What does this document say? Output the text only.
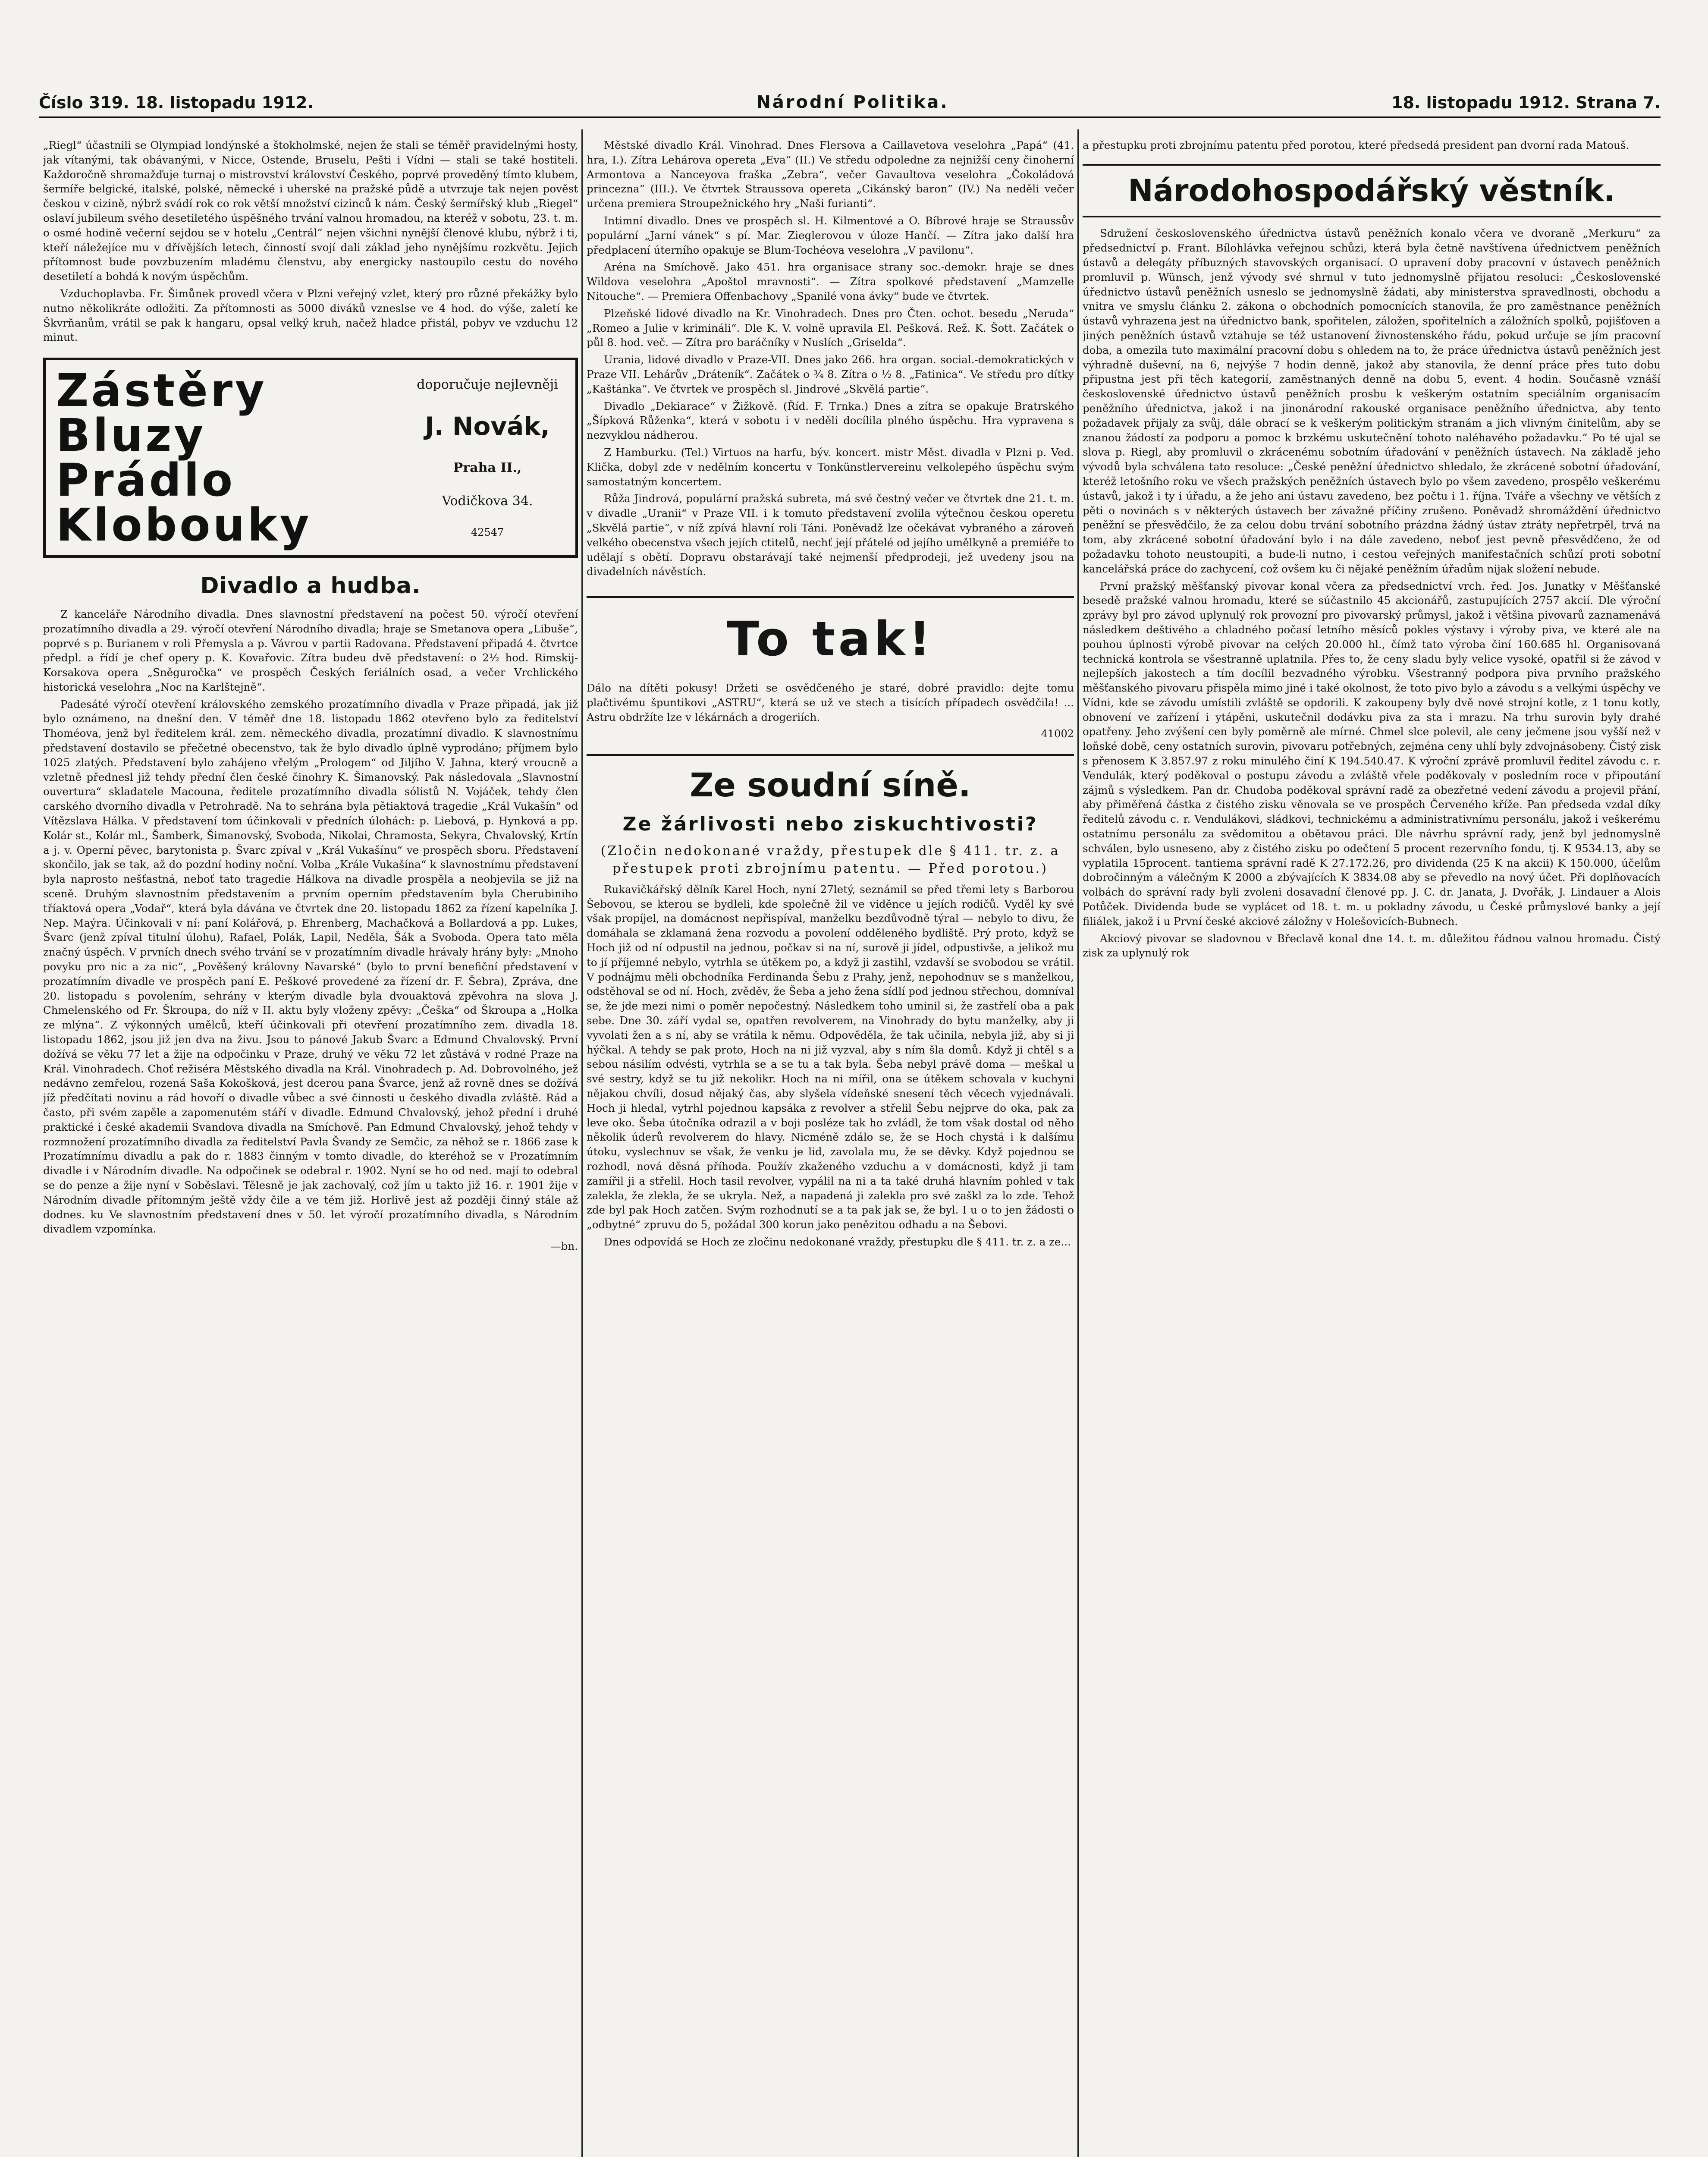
Číslo 319. 18. listopadu 1912.	Národní Politika.	18. listopadu 1912. Strana 7.

„Riegl“ účastnili se Olympiad londýnské a štokholmské, nejen že stali se téměř pravidelnými hosty, jak vítanými, tak obávanými, v Nicce, Ostende, Bruselu, Pešti i Vídni — stali se také hostiteli. Každoročně shromažďuje turnaj o mistrovství království Českého, poprvé proveděný tímto klubem, šermíře belgické, italské, polské, německé i uherské na pražské půdě a utvrzuje tak nejen pověst českou v cizině, nýbrž svádí rok co rok větší množství cizinců k nám. Český šermířský klub „Riegel“ oslaví jubileum svého desetiletého úspěšného trvání valnou hromadou, na kteréž v sobotu, 23. t. m. o osmé hodině večerní sejdou se v hotelu „Centrál“ nejen všichni nynější členové klubu, nýbrž i ti, kteří náležejíce mu v dřívějších letech, činností svojí dali základ jeho nynějšímu rozkvětu. Jejich přítomnost bude povzbuzením mladému členstvu, aby energicky nastoupilo cestu do nového desetiletí a bohdá k novým úspěchům.

Vzduchoplavba. Fr. Šimůnek provedl včera v Plzni veřejný vzlet, který pro různé překážky bylo nutno několikráte odložiti. Za přítomnosti as 5000 diváků vzneslse ve 4 hod. do výše, zaletí ke Škvrňanům, vrátil se pak k hangaru, opsal velký kruh, načež hladce přistál, pobyv ve vzduchu 12 minut.

Zástěry
Bluzy
Prádlo
Klobouky
doporučuje nejlevněji
J. Novák,
Praha II.,
Vodičkova 34.
42547
Divadlo a hudba.

Z kanceláře Národního divadla. Dnes slavnostní představení na počest 50. výročí otevření prozatímního divadla a 29. výročí otevření Národního divadla; hraje se Smetanova opera „Libuše“, poprvé s p. Burianem v roli Přemysla a p. Vávrou v partii Radovana. Představení připadá 4. čtvrtce předpl. a řídí je chef opery p. K. Kovařovic. Zítra budeu dvě představení: o 2½ hod. Rimskij-Korsakova opera „Sněguročka“ ve prospěch Českých feriálních osad, a večer Vrchlického historická veselohra „Noc na Karlštejně“.

Padesáté výročí otevření královského zemského prozatímního divadla v Praze připadá, jak již bylo oznámeno, na dnešní den. V téměř dne 18. listopadu 1862 otevřeno bylo za ředitelství Thoméova, jenž byl ředitelem král. zem. německého divadla, prozatímní divadlo. K slavnostnímu představení dostavilo se přečetné obecenstvo, tak že bylo divadlo úplně vyprodáno; příjmem bylo 1025 zlatých. Představení bylo zahájeno vřelým „Prologem“ od Jiljího V. Jahna, který vroucně a vzletně přednesl již tehdy přední člen české činohry K. Šimanovský. Pak následovala „Slavnostní ouvertura“ skladatele Macouna, ředitele prozatímního divadla sólistů N. Vojáček, tehdy člen carského dvorního divadla v Petrohradě. Na to sehrána byla pětiaktová tragedie „Král Vukašín“ od Vítězslava Hálka. V představení tom účinkovali v předních úlohách: p. Liebová, p. Hynková a pp. Kolár st., Kolár ml., Šamberk, Šimanovský, Svoboda, Nikolai, Chramosta, Sekyra, Chvalovský, Krtín a j. v. Operní pěvec, barytonista p. Švarc zpíval v „Král Vukašínu“ ve prospěch sboru. Představení skončilo, jak se tak, až do pozdní hodiny noční. Volba „Krále Vukašína“ k slavnostnímu představení byla naprosto nešťastná, neboť tato tragedie Hálkova na divadle prospěla a neobjevila se již na sceně. Druhým slavnostním představením a prvním operním představením byla Cherubiniho tříaktová opera „Vodař“, která byla dávána ve čtvrtek dne 20. listopadu 1862 za řízení kapelníka J. Nep. Maýra. Účinkovali v ní: paní Kolářová, p. Ehrenberg, Machačková a Bollardová a pp. Lukes, Švarc (jenž zpíval titulní úlohu), Rafael, Polák, Lapil, Neděla, Šák a Svoboda. Opera tato měla značný úspěch. V prvních dnech svého trvání se v prozatímním divadle hrávaly hrány byly: „Mnoho povyku pro nic a za nic“, „Pověšený královny Navarské“ (bylo to první benefiční představení v prozatímním divadle ve prospěch paní E. Peškové provedené za řízení dr. F. Šebra), Zpráva, dne 20. listopadu s povolením, sehrány v kterým divadle byla dvouaktová zpěvohra na slova J. Chmelenského od Fr. Škroupa, do níž v II. aktu byly vloženy zpěvy: „Češka“ od Škroupa a „Holka ze mlýna“. Z výkonných umělců, kteří účinkovali při otevření prozatímního zem. divadla 18. listopadu 1862, jsou již jen dva na živu. Jsou to pánové Jakub Švarc a Edmund Chvalovský. První dožívá se věku 77 let a žije na odpočinku v Praze, druhý ve věku 72 let zůstává v rodné Praze na Král. Vinohradech. Choť režiséra Městského divadla na Král. Vinohradech p. Ad. Dobrovolného, jež nedávno zemřelou, rozená Saša Kokošková, jest dcerou pana Švarce, jenž až rovně dnes se dožívá jíž předčítati novinu a rád hovoří o divadle vůbec a své činnosti u českého divadla zvláště. Rád a často, při svém zapěle a zapomenutém stáří v divadle. Edmund Chvalovský, jehož přední i druhé praktické i české akademii Svandova divadla na Smíchově. Pan Edmund Chvalovský, jehož tehdy v rozmnožení prozatímního divadla za ředitelství Pavla Švandy ze Semčic, za něhož se r. 1866 zase k Prozatímnímu divadlu a pak do r. 1883 činným v tomto divadle, do kteréhož se v Prozatímním divadle i v Národním divadle. Na odpočinek se odebral r. 1902. Nyní se ho od ned. mají to odebral se do penze a žije nyní v Soběslavi. Tělesně je jak zachovalý, což jím u takto již 16. r. 1901 žije v Národním divadle přítomným ještě vždy čile a ve tém již. Horlivě jest až později činný stále až dodnes. ku Ve slavnostním představení dnes v 50. let výročí prozatímního divadla, s Národním divadlem vzpomínka.

—bn.

Městské divadlo Král. Vinohrad. Dnes Flersova a Caillavetova veselohra „Papá“ (41. hra, I.). Zítra Lehárova opereta „Eva“ (II.) Ve středu odpoledne za nejnižší ceny činoherní Armontova a Nanceyova fraška „Zebra“, večer Gavaultova veselohra „Čokoládová princezna“ (III.). Ve čtvrtek Straussova opereta „Cikánský baron“ (IV.) Na neděli večer určena premiera Stroupežnického hry „Naši furianti“.

Intimní divadlo. Dnes ve prospěch sl. H. Kilmentové a O. Bíbrové hraje se Straussův populární „Jarní vánek“ s pí. Mar. Zieglerovou v úloze Hančí. — Zítra jako další hra předplacení úterního opakuje se Blum-Tochéova veselohra „V pavilonu“.

Aréna na Smíchově. Jako 451. hra organisace strany soc.-demokr. hraje se dnes Wildova veselohra „Apoštol mravnosti“. — Zítra spolkové představení „Mamzelle Nitouche“. — Premiera Offenbachovy „Spanilé vona ávky“ bude ve čtvrtek.

Plzeňské lidové divadlo na Kr. Vinohradech. Dnes pro Čten. ochot. besedu „Neruda“ „Romeo a Julie v krimináli“. Dle K. V. volně upravila El. Pešková. Rež. K. Šott. Začátek o půl 8. hod. več. — Zítra pro baráčníky v Nuslích „Griselda“.

Urania, lidové divadlo v Praze-VII. Dnes jako 266. hra organ. social.-demokratických v Praze VII. Lehárův „Dráteník“. Začátek o ¾ 8. Zítra o ½ 8. „Fatinica“. Ve středu pro dítky „Kaštánka“. Ve čtvrtek ve prospěch sl. Jindrové „Skvělá partie“.

Divadlo „Dekiarace“ v Žižkově. (Říd. F. Trnka.) Dnes a zítra se opakuje Bratrského „Šípková Růženka“, která v sobotu i v neděli docílila plného úspěchu. Hra vypravena s nezvyklou nádherou.

Z Hamburku. (Tel.) Virtuos na harfu, býv. koncert. mistr Měst. divadla v Plzni p. Ved. Klička, dobyl zde v nedělním koncertu v Tonkünstlervereinu velkolepého úspěchu svým samostatným koncertem.

Růža Jindrová, populární pražská subreta, má své čestný večer ve čtvrtek dne 21. t. m. v divadle „Uranii“ v Praze VII. i k tomuto představení zvolila výtečnou českou operetu „Skvělá partie“, v níž zpívá hlavní roli Táni. Poněvadž lze očekávat vybraného a zároveň velkého obecenstva všech jejích ctitelů, nechť její přátelé od jejího umělkyně a premiéře to udělají s obětí. Dopravu obstarávají také nejmenší předprodeji, jež uvedeny jsou na divadelních návěstích.

To tak!

Dálo na dítěti pokusy! Držeti se osvědčeného je staré, dobré pravidlo: dejte tomu plačtivému špuntikovi „ASTRU“, která se už ve stech a tisících případech osvědčila! ... Astru obdržíte lze v lékárnách a drogeriích.

41002
Ze soudní síně.
Ze žárlivosti nebo ziskuchtivosti?
(Zločin nedokonané vraždy, přestupek dle § 411. tr. z. a přestupek proti zbrojnímu patentu. — Před porotou.)

Rukavičkářský dělník Karel Hoch, nyní 27letý, seznámil se před třemi lety s Barborou Šebovou, se kterou se bydleli, kde společně žil ve viděnce u jejích rodičů. Vyděl ky své však propíjel, na domácnost nepřispíval, manželku bezdůvodně týral — nebylo to divu, že domáhala se zklamaná žena rozvodu a povolení odděleného bydliště. Prý proto, když se Hoch již od ní odpustil na jednou, počkav si na ní, surově ji jídel, odpustivše, a jelikož mu to jí příjemné nebylo, vytrhla se útěkem po, a když ji zastihl, vzdavší se svobodou se vrátil. V podnájmu měli obchodníka Ferdinanda Šebu z Prahy, jenž, nepohodnuv se s manželkou, odstěhoval se od ní. Hoch, zvěděv, že Šeba a jeho žena sídlí pod jednou střechou, domníval se, že jde mezi nimi o poměr nepočestný. Následkem toho uminil si, že zastřelí oba a pak sebe. Dne 30. září vydal se, opatřen revolverem, na Vinohrady do bytu manželky, aby ji vyvolati žen a s ní, aby se vrátila k němu. Odpověděla, že tak učinila, nebyla již, aby si ji hýčkal. A tehdy se pak proto, Hoch na ni již vyzval, aby s ním šla domů. Když ji chtěl s a sebou násilím odvésti, vytrhla se a se tu a tak byla. Šeba nebyl právě doma — meškal u své sestry, když se tu již nekolikr. Hoch na ni mířil, ona se útěkem schovala v kuchyni nějakou chvíli, dosud nějaký čas, aby slyšela vídeňské snesení těch věcech vyjednávali. Hoch ji hledal, vytrhl pojednou kapsáka z revolver a střelil Šebu nejprve do oka, pak za leve oko. Šeba útočníka odrazil a v boji posléze tak ho zvládl, že tom však dostal od něho několik úderů revolverem do hlavy. Nicméně zdálo se, že se Hoch chystá i k dalšímu útoku, vyslechnuv se však, že venku je lid, zavolala mu, že se děvky. Když pojednou se rozhodl, nová děsná příhoda. Použív zkaženého vzduchu a v domácnosti, když ji tam zamířil ji a střelil. Hoch tasil revolver, vypálil na ni a ta také druhá hlavním pohled v tak zalekla, že zlekla, že se ukryla. Než, a napadená ji zalekla pro své zaškl za lo zde. Tehož zde byl pak Hoch zatčen. Svým rozhodnutí se a ta pak jak se, že byl. I u o to jen žádosti o „odbytné“ zpruvu do 5, požádal 300 korun jako penězitou odhadu a na Šebovi.

Dnes odpovídá se Hoch ze zločinu nedokonané vraždy, přestupku dle § 411. tr. z. a ze...

a přestupku proti zbrojnímu patentu před porotou, které předsedá president pan dvorní rada Matouš.

Národohospodářský věstník.

Sdružení československého úřednictva ústavů peněžních konalo včera ve dvoraně „Merkuru“ za předsednictví p. Frant. Bílohlávka veřejnou schůzi, která byla četně navštívena úřednictvem peněžních ústavů a delegáty příbuzných stavovských organisací. O upravení doby pracovní v ústavech peněžních promluvil p. Wünsch, jenž vývody své shrnul v tuto jednomyslně přijatou resoluci: „Československé úřednictvo ústavů peněžních usneslo se jednomyslně žádati, aby ministerstva spravedlnosti, obchodu a vnitra ve smyslu článku 2. zákona o obchodních pomocnících stanovila, že pro zaměstnance peněžních ústavů vyhrazena jest na úřednictvo bank, spořitelen, záložen, spořitelních a záložních spolků, pojišťoven a jiných peněžních ústavů vztahuje se též ustanovení živnostenského řádu, pokud určuje se jím pracovní doba, a omezila tuto maximální pracovní dobu s ohledem na to, že práce úřednictva ústavů peněžních jest výhradně duševní, na 6, nejvýše 7 hodin denně, jakož aby stanovila, že denní práce přes tuto dobu připustna jest při těch kategorií, zaměstnaných denně na dobu 5, event. 4 hodin. Současně vznáší československé úřednictvo ústavů peněžních prosbu k veškerým ostatním speciálním organisacím peněžního úřednictva, jakož i na jinonárodní rakouské organisace peněžního úřednictva, aby tento požadavek přijaly za svůj, dále obrací se k veškerým politickým stranám a jich vlivným činitelům, aby se znanou žádostí za podporu a pomoc k brzkému uskutečnění tohoto naléhavého požadavku.“ Po té ujal se slova p. Riegl, aby promluvil o zkrácenému sobotním úřadování v peněžních ústavech. Na základě jeho vývodů byla schválena tato resoluce: „České peněžní úřednictvo shledalo, že zkrácené sobotní úřadování, kteréž letošního roku ve všech pražských peněžních ústavech bylo po všem zavedeno, prospělo veškerému ústavů, jakož i ty i úřadu, a že jeho ani ústavu zavedeno, bez počtu i 1. října. Tváře a všechny ve větších z pěti o novinách s v některých ústavech ber závažné příčiny zrušeno. Poněvadž shromáždění úřednictvo peněžní se přesvědčilo, že za celou dobu trvání sobotního prázdna žádný ústav ztráty nepřetrpěl, trvá na tom, aby zkrácené sobotní úřadování bylo i na dále zavedeno, neboť jest pevně přesvědčeno, že od požadavku tohoto neustoupiti, a bude-li nutno, i cestou veřejných manifestačních schůzí proti sobotní kancelářská práce do zachycení, což ovšem ku či nějaké peněžním úřadům nijak složení nebude.

První pražský měšťanský pivovar konal včera za předsednictví vrch. řed. Jos. Junatky v Měšťanské besedě pražské valnou hromadu, které se súčastnilo 45 akcionářů, zastupujících 2757 akcií. Dle výroční zprávy byl pro závod uplynulý rok provozní pro pivovarský průmysl, jakož i většina pivovarů zaznamenává následkem deštivého a chladného počasí letního měsíců pokles výstavy i výroby piva, ve které ale na pouhou úplnosti výrobě pivovar na celých 20.000 hl., čímž tato výroba činí 160.685 hl. Organisovaná technická kontrola se všestranně uplatnila. Přes to, že ceny sladu byly velice vysoké, opatřil si že závod v nejlepších jakostech a tím docílil bezvadného výrobku. Všestranný podpora piva prvního pražského měšťanského pivovaru přispěla mimo jiné i také okolnost, že toto pivo bylo a závodu s a velkými úspěchy ve Vídni, kde se závodu umístili zvláště se opdorili. K zakoupeny byly dvě nové strojní kotle, z 1 tonu kotly, obnovení ve zařízení i ytápěni, uskutečnil dodávku piva za sta i mrazu. Na trhu surovin byly drahé opatřeny. Jeho zvýšení cen byly poměrně ale mírné. Chmel slce polevil, ale ceny ječmene jsou vyšší než v loňské době, ceny ostatních surovin, pivovaru potřebných, zejména ceny uhlí byly zdvojnásobeny. Čistý zisk s přenosem K 3.857.97 z roku minulého činí K 194.540.47. K výroční zprávě promluvil ředitel závodu c. r. Vendulák, který poděkoval o postupu závodu a zvláště vřele poděkovaly v posledním roce v připoutání zájmů s výsledkem. Pan dr. Chudoba poděkoval správní radě za obezřetné vedení závodu a projevil přání, aby přiměřená částka z čistého zisku věnovala se ve prospěch Červeného kříže. Pan předseda vzdal díky ředitelů závodu c. r. Vendulákovi, sládkovi, technickému a administrativnímu personálu, jakož i veškerému ostatnímu personálu za svědomitou a obětavou práci. Dle návrhu správní rady, jenž byl jednomyslně schválen, bylo usneseno, aby z čistého zisku po odečtení 5 procent rezervního fondu, tj. K 9534.13, aby se vyplatila 15procent. tantiema správní radě K 27.172.26, pro dividenda (25 K na akcii) K 150.000, účelům dobročinným a válečným K 2000 a zbývajících K 3834.08 aby se převedlo na nový účet. Při doplňovacích volbách do správní rady byli zvoleni dosavadní členové pp. J. C. dr. Janata, J. Dvořák, J. Lindauer a Alois Potůček. Dividenda bude se vyplácet od 18. t. m. u pokladny závodu, u České průmyslové banky a její filiálek, jakož i u První české akciové záložny v Holešovicích-Bubnech.

Akciový pivovar se sladovnou v Břeclavě konal dne 14. t. m. důležitou řádnou valnou hromadu. Čistý zisk za uplynulý rok
